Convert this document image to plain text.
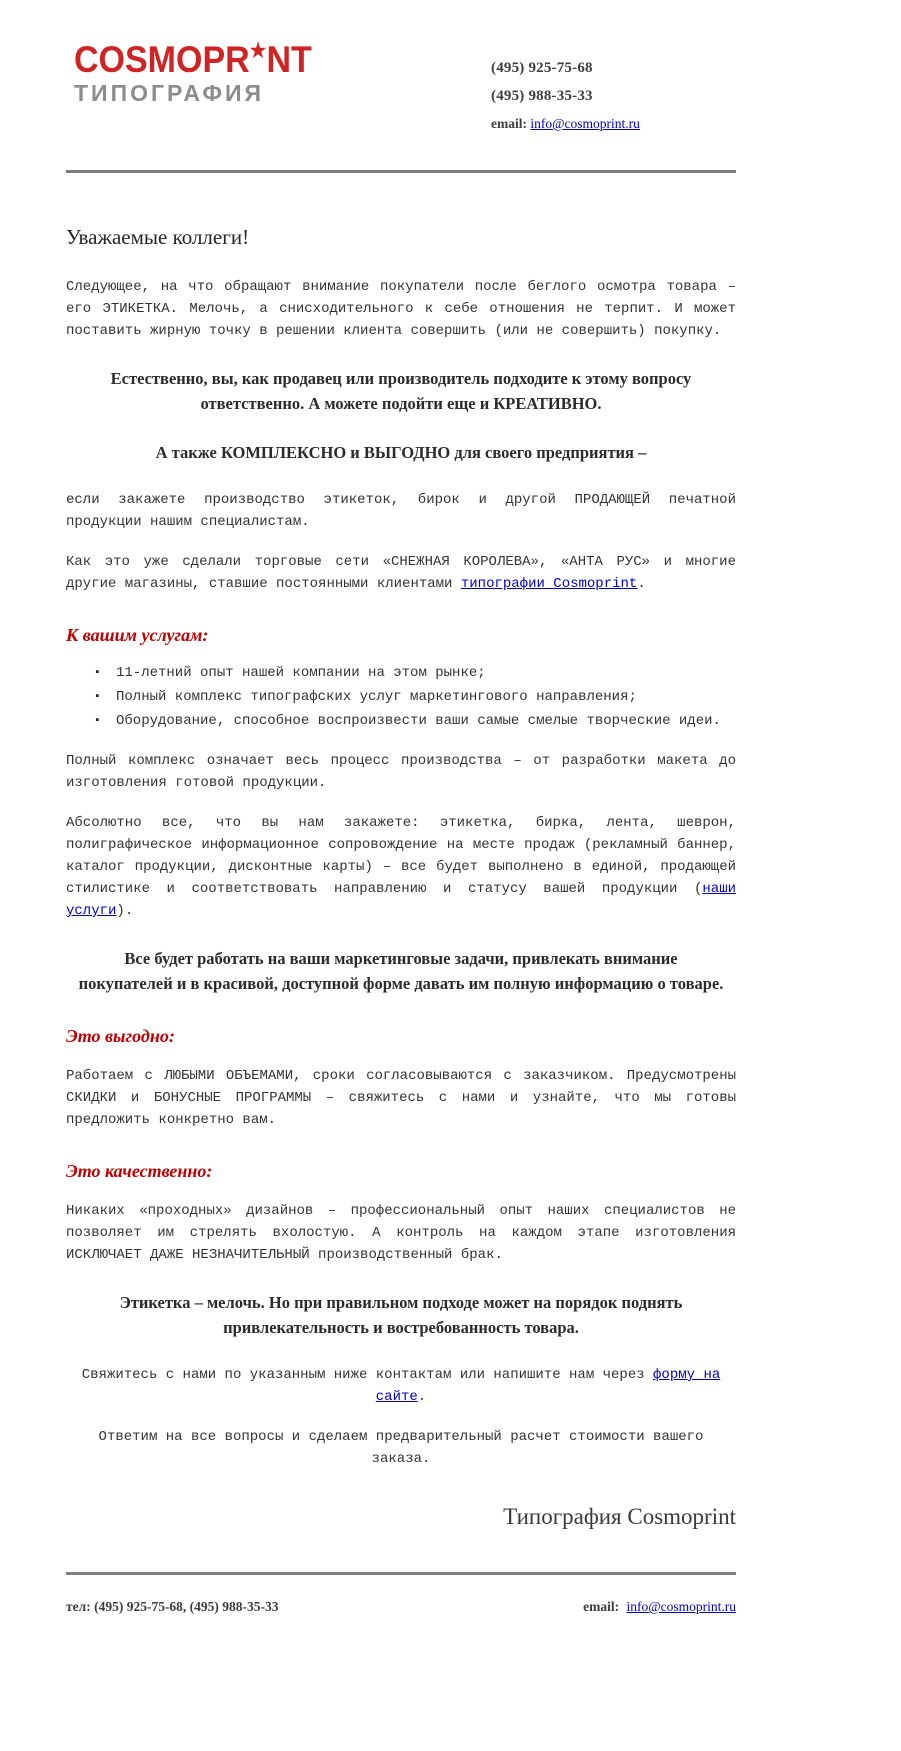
COSMOPR★NT
ТИПОГРАФИЯ
(495) 925-75-68
(495) 988-35-33
email: info@cosmoprint.ru
Уважаемые коллеги!

Следующее, на что обращают внимание покупатели после беглого осмотра товара – его ЭТИКЕТКА. Мелочь, а снисходительного к себе отношения не терпит. И может поставить жирную точку в решении клиента совершить (или не совершить) покупку.

Естественно, вы, как продавец или производитель подходите к этому вопросу ответственно. А можете подойти еще и КРЕАТИВНО.

А также КОМПЛЕКСНО и ВЫГОДНО для своего предприятия –

если закажете производство этикеток, бирок и другой ПРОДАЮЩЕЙ печатной продукции нашим специалистам.

Как это уже сделали торговые сети «СНЕЖНАЯ КОРОЛЕВА», «АНТА РУС» и многие другие магазины, ставшие постоянными клиентами типографии Cosmoprint.

К вашим услугам:
▪ 11-летний опыт нашей компании на этом рынке;
▪ Полный комплекс типографских услуг маркетингового направления;
▪ Оборудование, способное воспроизвести ваши самые смелые творческие идеи.

Полный комплекс означает весь процесс производства – от разработки макета до изготовления готовой продукции.

Абсолютно все, что вы нам закажете: этикетка, бирка, лента, шеврон, полиграфическое информационное сопровождение на месте продаж (рекламный баннер, каталог продукции, дисконтные карты) – все будет выполнено в единой, продающей стилистике и соответствовать направлению и статусу вашей продукции (наши услуги).

Все будет работать на ваши маркетинговые задачи, привлекать внимание покупателей и в красивой, доступной форме давать им полную информацию о товаре.

Это выгодно:

Работаем с ЛЮБЫМИ ОБЪЕМАМИ, сроки согласовываются с заказчиком. Предусмотрены СКИДКИ и БОНУСНЫЕ ПРОГРАММЫ – свяжитесь с нами и узнайте, что мы готовы предложить конкретно вам.

Это качественно:

Никаких «проходных» дизайнов – профессиональный опыт наших специалистов не позволяет им стрелять вхолостую. А контроль на каждом этапе изготовления ИСКЛЮЧАЕТ ДАЖЕ НЕЗНАЧИТЕЛЬНЫЙ производственный брак.

Этикетка – мелочь. Но при правильном подходе может на порядок поднять привлекательность и востребованность товара.

Свяжитесь с нами по указанным ниже контактам или напишите нам через форму на сайте.

Ответим на все вопросы и сделаем предварительный расчет стоимости вашего заказа.

Типография Cosmoprint
тел: (495) 925-75-68, (495) 988-35-33	email: info@cosmoprint.ru
